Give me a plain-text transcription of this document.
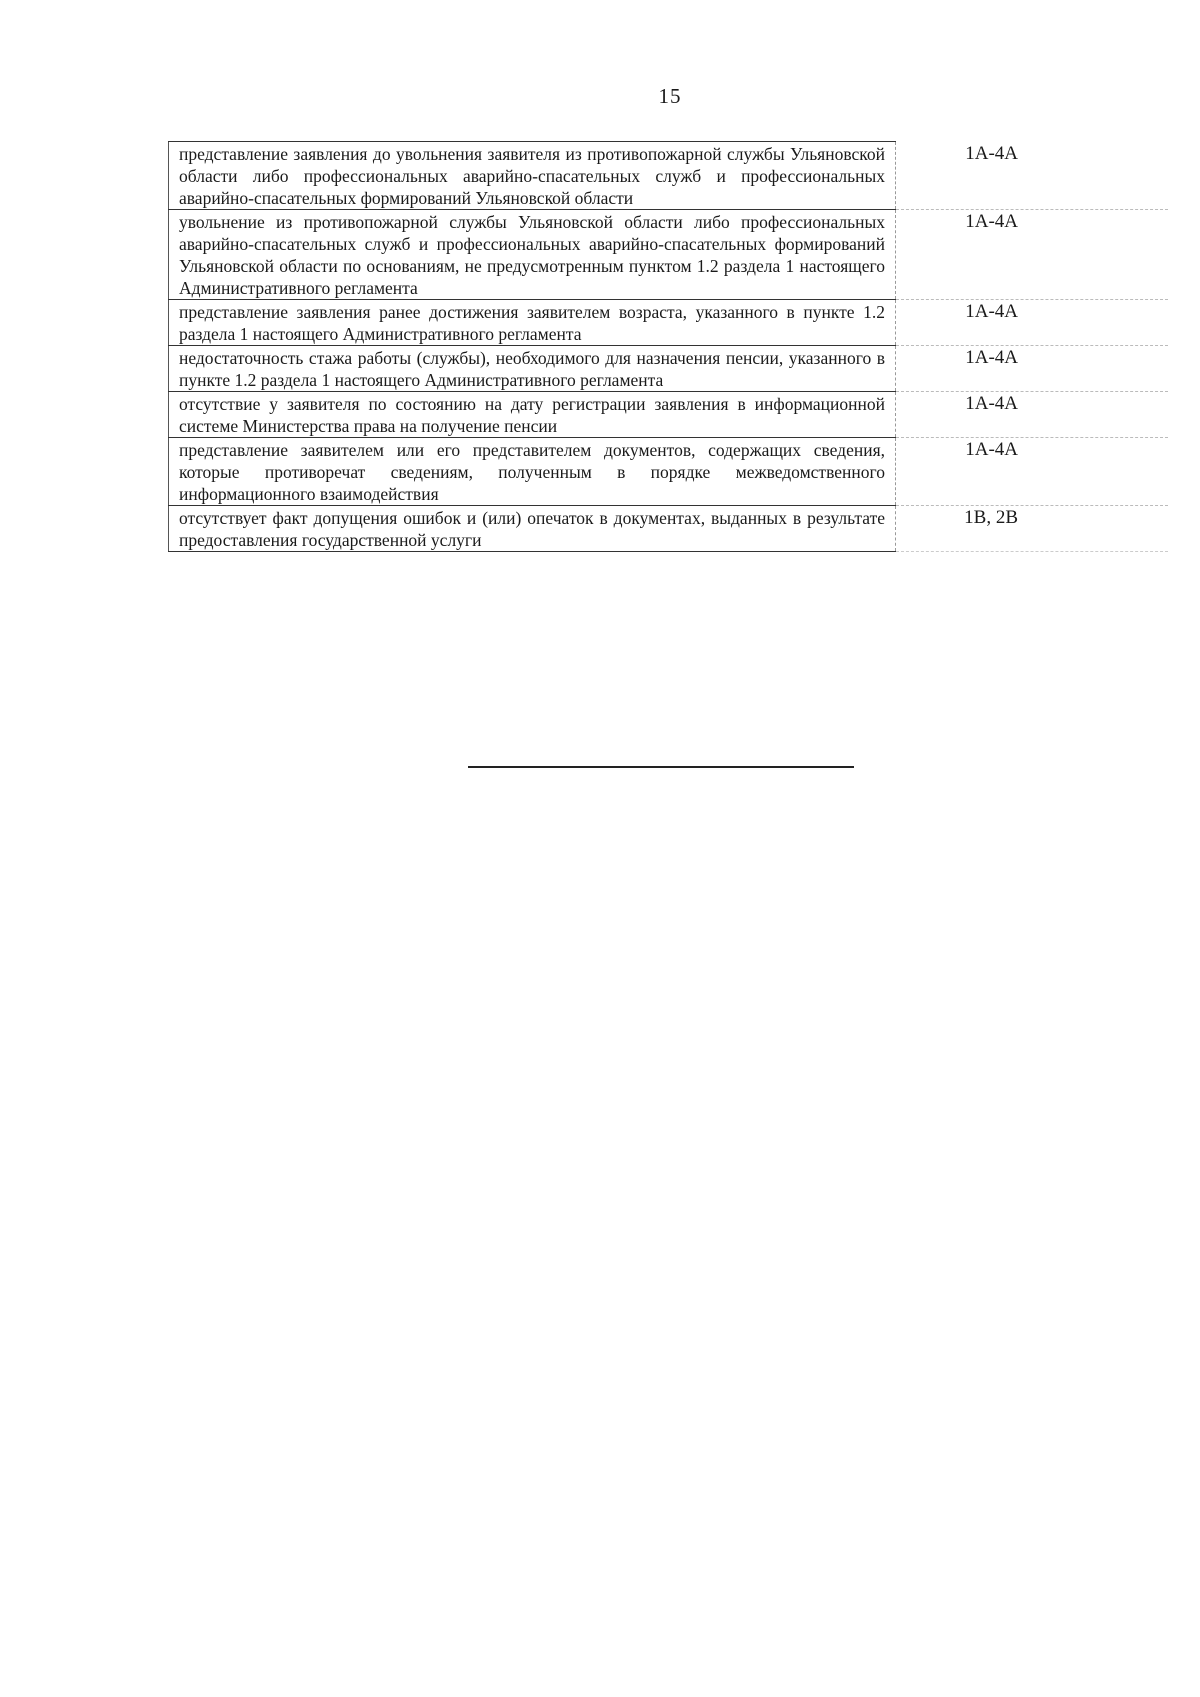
15
представление заявления до увольнения заявителя из противопожарной службы Ульяновской области либо профессиональных аварийно-спасательных служб и профессиональных аварийно-спасательных формирований Ульяновской области	1А-4А
увольнение из противопожарной службы Ульяновской области либо профессиональных аварийно-спасательных служб и профессиональных аварийно-спасательных формирований Ульяновской области по основаниям, не предусмотренным пунктом 1.2 раздела 1 настоящего Административного регламента	1А-4А
представление заявления ранее достижения заявителем возраста, указанного в пункте 1.2 раздела 1 настоящего Административного регламента	1А-4А
недостаточность стажа работы (службы), необходимого для назначения пенсии, указанного в пункте 1.2 раздела 1 настоящего Административного регламента	1А-4А
отсутствие у заявителя по состоянию на дату регистрации заявления в информационной системе Министерства права на получение пенсии	1А-4А
представление заявителем или его представителем документов, содержащих сведения, которые противоречат сведениям, полученным в порядке межведомственного информационного взаимодействия	1А-4А
отсутствует факт допущения ошибок и (или) опечаток в документах, выданных в результате предоставления государственной услуги	1В, 2В
